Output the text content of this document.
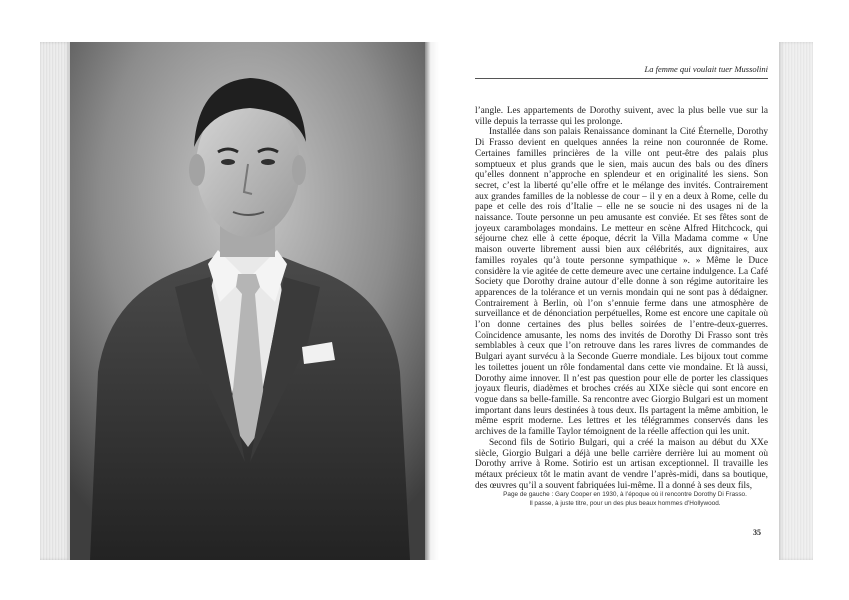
La femme qui voulait tuer Mussolini

l’angle. Les appartements de Dorothy suivent, avec la plus belle vue sur la ville depuis la terrasse qui les prolonge.

Installée dans son palais Renaissance dominant la Cité Éternelle, Dorothy Di Frasso devient en quelques années la reine non couronnée de Rome. Certaines familles princières de la ville ont peut-être des palais plus somptueux et plus grands que le sien, mais aucun des bals ou des dîners qu’elles donnent n’approche en splendeur et en originalité les siens. Son secret, c’est la liberté qu’elle offre et le mélange des invités. Contrairement aux grandes familles de la noblesse de cour – il y en a deux à Rome, celle du pape et celle des rois d’Italie – elle ne se soucie ni des usages ni de la naissance. Toute personne un peu amusante est conviée. Et ses fêtes sont de joyeux carambolages mondains. Le metteur en scène Alfred Hitchcock, qui séjourne chez elle à cette époque, décrit la Villa Madama comme « Une maison ouverte librement aussi bien aux célébrités, aux dignitaires, aux familles royales qu’à toute personne sympathique ». » Même le Duce considère la vie agitée de cette demeure avec une certaine indulgence. La Café Society que Dorothy draine autour d’elle donne à son régime autoritaire les apparences de la tolérance et un vernis mondain qui ne sont pas à dédaigner. Contrairement à Berlin, où l’on s’ennuie ferme dans une atmosphère de surveillance et de dénonciation perpétuelles, Rome est encore une capitale où l’on donne certaines des plus belles soirées de l’entre-deux-guerres. Coïncidence amusante, les noms des invités de Dorothy Di Frasso sont très semblables à ceux que l’on retrouve dans les rares livres de commandes de Bulgari ayant survécu à la Seconde Guerre mondiale. Les bijoux tout comme les toilettes jouent un rôle fondamental dans cette vie mondaine. Et là aussi, Dorothy aime innover. Il n’est pas question pour elle de porter les classiques joyaux fleuris, diadèmes et broches créés au XIXe siècle qui sont encore en vogue dans sa belle-famille. Sa rencontre avec Giorgio Bulgari est un moment important dans leurs destinées à tous deux. Ils partagent la même ambition, le même esprit moderne. Les lettres et les télégrammes conservés dans les archives de la famille Taylor témoignent de la réelle affection qui les unit.

Second fils de Sotirio Bulgari, qui a créé la maison au début du XXe siècle, Giorgio Bulgari a déjà une belle carrière derrière lui au moment où Dorothy arrive à Rome. Sotirio est un artisan exceptionnel. Il travaille les métaux précieux tôt le matin avant de vendre l’après-midi, dans sa boutique, des œuvres qu’il a souvent fabriquées lui-même. Il a donné à ses deux fils,

Page de gauche : Gary Cooper en 1930, à l’époque où il rencontre Dorothy Di Frasso.
Il passe, à juste titre, pour un des plus beaux hommes d’Hollywood.
35
